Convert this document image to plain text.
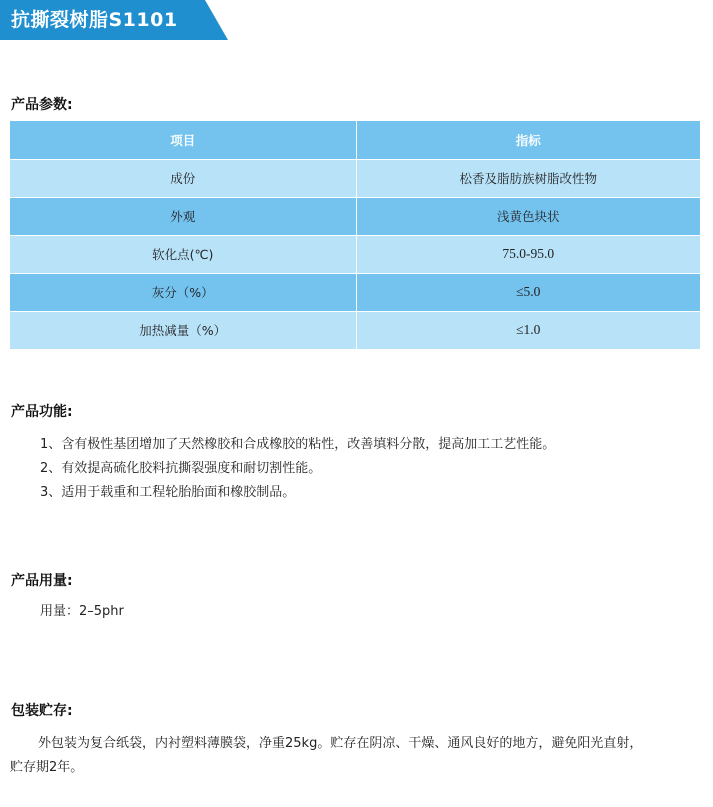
抗撕裂树脂S1101
产品参数:
项目	指标
成份	松香及脂肪族树脂改性物
外观	浅黄色块状
软化点(℃)	75.0-95.0
灰分（%）	≤5.0
加热减量（%）	≤1.0
产品功能:
1、含有极性基团增加了天然橡胶和合成橡胶的粘性，改善填料分散，提高加工工艺性能。
2、有效提高硫化胶料抗撕裂强度和耐切割性能。
3、适用于载重和工程轮胎胎面和橡胶制品。
产品用量:
用量：2–5phr
包装贮存:
外包装为复合纸袋，内衬塑料薄膜袋，净重25kg。贮存在阴凉、干燥、通风良好的地方，避免阳光直射，
贮存期2年。
